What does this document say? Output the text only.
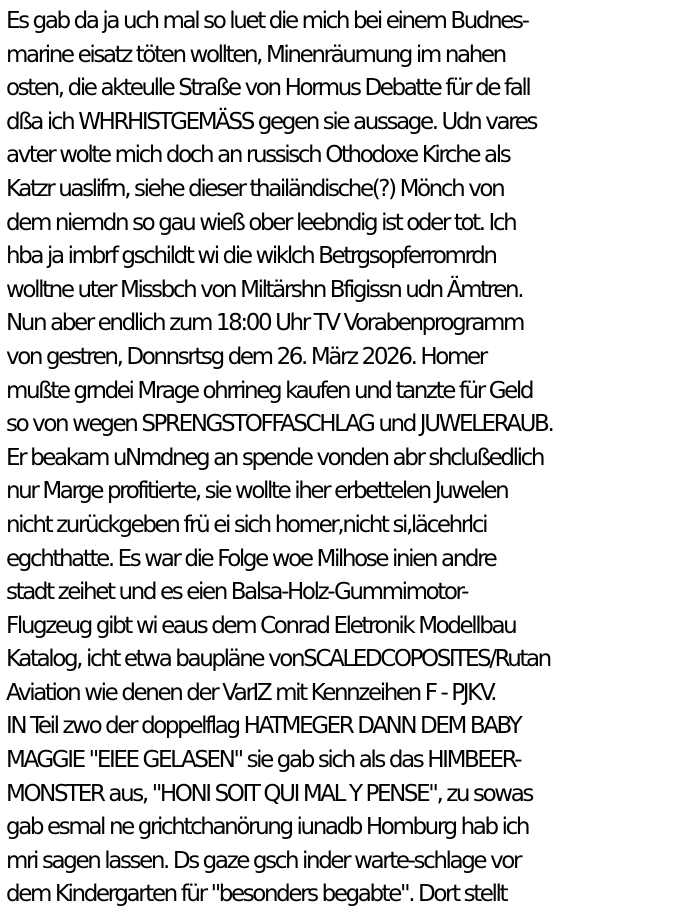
Es gab da ja uch mal so luet die mich bei einem Budnes-
marine eisatz töten wollten, Minenräumung im nahen
osten, die akteullе Straße von Hormus Debatte für de fall
dßa ich WHRHISTGEMÄSS gegen sie aussage. Udn vares
avter wolte mich doch an russisch Othodoxe Kirche als
Katzr uaslifrn, siehe dieser thailändische(?) Mönch von
dem niemdn so gau wieß ober leebndig ist oder tot. Ich
hba ja imbrf gschildt wi die wiklch Betrgsopferromrdn
wolltne uter Missbch von Miltärshn Bfigissn udn Ämtren.
Nun aber endlich zum 18:00 Uhr TV Vorabenprogramm
von gestren, Donnsrtsg dem 26. März 2026. Homer
mußte grndei Mrage ohrrineg kaufen und tanzte für Geld
so von wegen SPRENGSTOFFASCHLAG und JUWELERAUB.
Er beakam uNmdneg an spende vonden abr shclußedlich
nur Marge profitierte, sie wollte iher erbettelen Juwelen
nicht zurückgeben frü ei sich homer,nicht si,läcehrlci
egchthatte. Es war die Folge woe Milhose inien andre
stadt zeihet und es eien Balsa-Holz-Gummimotor-
Flugzeug gibt wi eaus dem Conrad Eletronik Modellbau
Katalog, icht etwa baupläne vonSCALEDCOPOSITES/Rutan
Aviation wie denen der VarIZ mit Kennzeihen F - PJKV.
IN Teil zwo der doppelflag HATMEGER DANN DEM BABY
MAGGIE "EIEE GELASEN" sie gab sich als das HIMBEER-
MONSTER aus, "HONI SOIT QUI MAL Y PENSE", zu sowas
gab esmal ne grichtchanörung iunadb Homburg hab ich
mri sagen lassen. Ds gaze gsch inder warte-schlage vor
dem Kindergarten für "besonders begabte". Dort stellt
